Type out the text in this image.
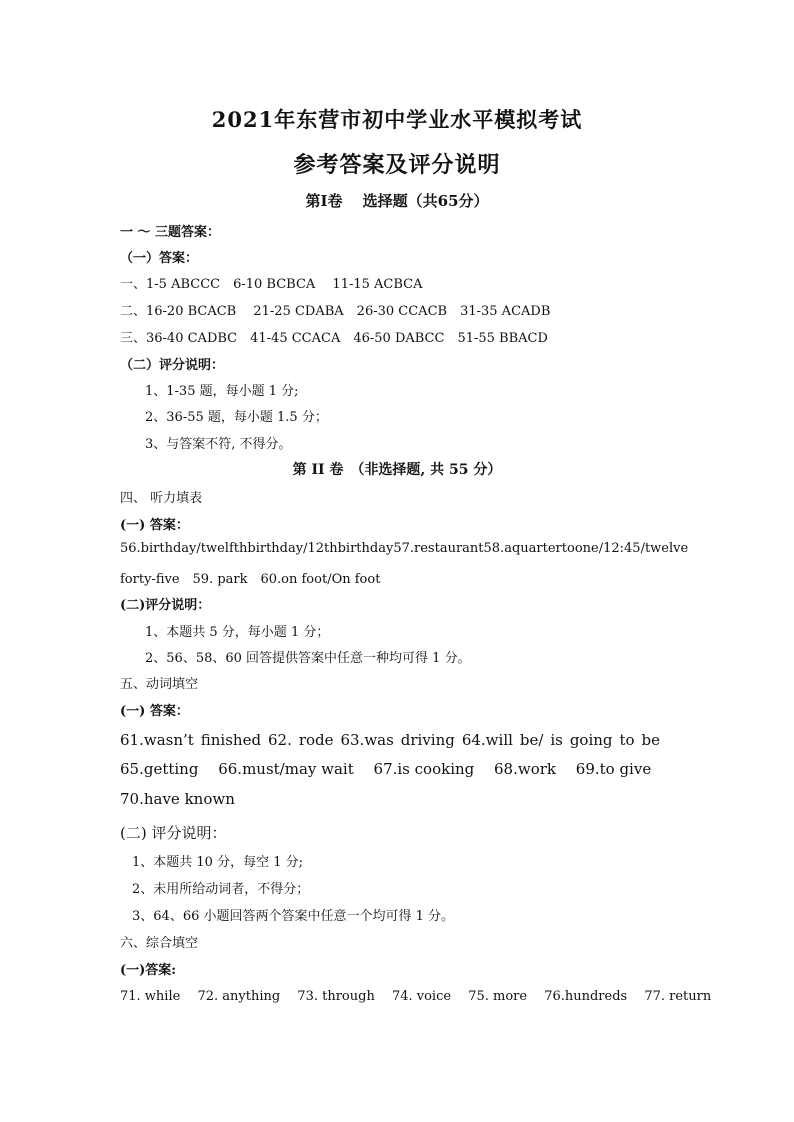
2021年东营市初中学业水平模拟考试
参考答案及评分说明
第Ⅰ卷　 选择题（共65分）
一 ～ 三题答案：
（一）答案：
一、1-5 ABCCC　6-10 BCBCA　 11-15 ACBCA
二、16-20 BCACB　 21-25 CDABA　26-30 CCACB　31-35 ACADB
三、36-40 CADBC　41-45 CCACA　46-50 DABCC　51-55 BBACD
（二）评分说明：
1、1-35 题，每小题 1 分;
2、36-55 题，每小题 1.5 分；
3、与答案不符, 不得分。
第 II 卷　（非选择题, 共 55 分）
四、 听力填表
(一) 答案：
56.birthday/twelfth birthday/12th birthday 57. restaurant 58. a quarter to one/12:45/twelve
forty-five　59. park　60.on foot/On foot
(二)评分说明：
1、本题共 5 分，每小题 1 分；
2、56、58、60 回答提供答案中任意一种均可得 1 分。
五、动词填空
(一) 答案：
61.wasn’t finished 62. rode 63.was driving 64.will be/ is going to be
65.getting　 66.must/may wait　 67.is cooking　 68.work　 69.to give
70.have known
(二) 评分说明：
1、本题共 10 分，每空 1 分;
2、未用所给动词者，不得分；
3、64、66 小题回答两个答案中任意一个均可得 1 分。
六、综合填空
(一)答案:
71. while　 72. anything　 73. through　 74. voice　 75. more　 76.hundreds　 77. return
